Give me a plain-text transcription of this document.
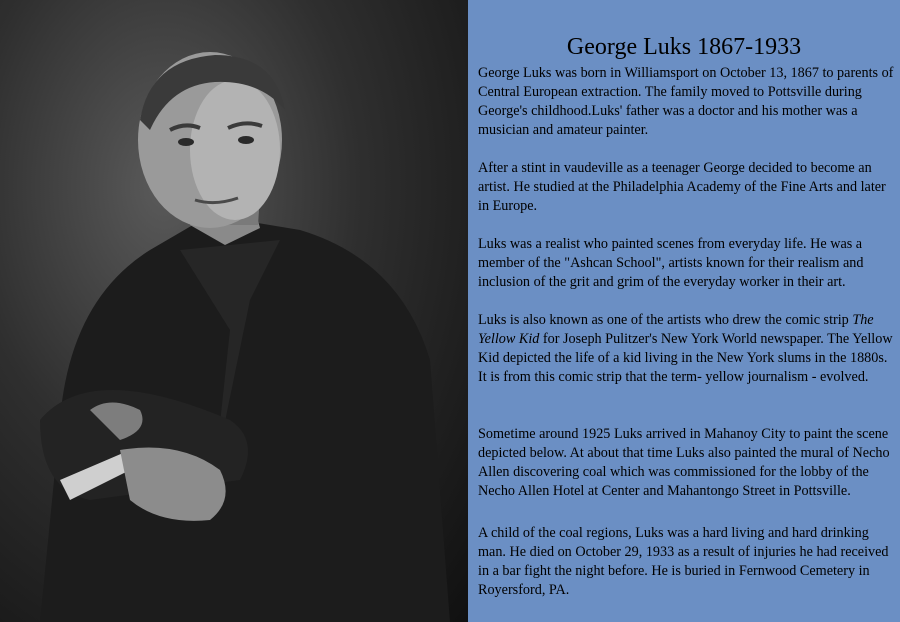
George Luks 1867-1933

George Luks was born in Williamsport on October 13, 1867 to parents of Central European extraction. The family moved to Pottsville during George's childhood.Luks' father was a doctor and his mother was a musician and amateur painter.

After a stint in vaudeville as a teenager George decided to become an artist. He studied at the Philadelphia Academy of the Fine Arts and later in Europe.

Luks was a realist who painted scenes from everyday life. He was a member of the "Ashcan School", artists known for their realism and inclusion of the grit and grim of the everyday worker in their art.

Luks is also known as one of the artists who drew the comic strip The Yellow Kid for Joseph Pulitzer's New York World newspaper. The Yellow Kid depicted the life of a kid living in the New York slums in the 1880s. It is from this comic strip that the term- yellow journalism - evolved.

Sometime around 1925 Luks arrived in Mahanoy City to paint the scene depicted below. At about that time Luks also painted the mural of Necho Allen discovering coal which was commissioned for the lobby of the Necho Allen Hotel at Center and Mahantongo Street in Pottsville.

A child of the coal regions, Luks was a hard living and hard drinking man. He died on October 29, 1933 as a result of injuries he had received in a bar fight the night before. He is buried in Fernwood Cemetery in Royersford, PA.
